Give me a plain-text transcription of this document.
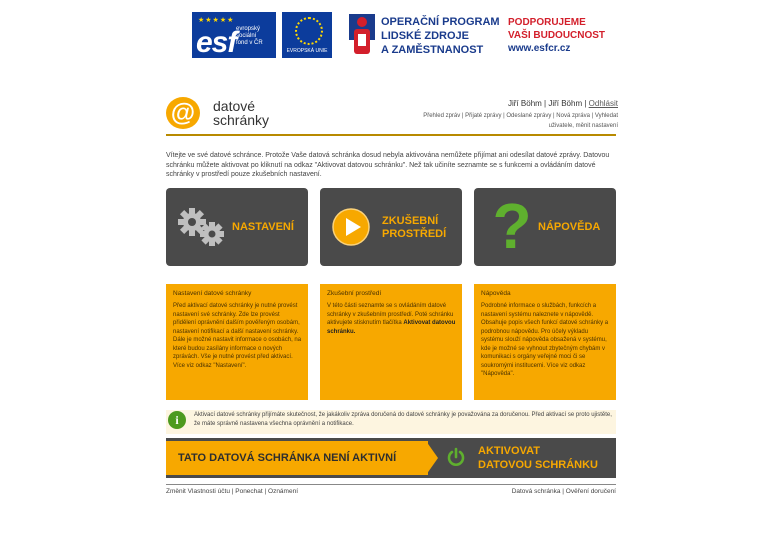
★★★★★
esf evropský
sociální
fond v ČR
EVROPSKÁ UNIE
OPERAČNÍ PROGRAM
LIDSKÉ ZDROJE
A ZAMĚSTNANOST
PODPORUJEME
VAŠI BUDOUCNOST
www.esfcr.cz
@	datové
schránky
Jiří Böhm | Jiří Böhm | Odhlásit
Přehled zpráv | Přijaté zprávy | Odeslané zprávy | Nová zpráva | Vyhledat
uživatele, měnit nastavení
Vítejte ve své datové schránce. Protože Vaše datová schránka dosud nebyla aktivována nemůžete přijímat ani odesílat datové zprávy. Datovou schránku můžete aktivovat po kliknutí na odkaz "Aktivovat datovou schránku". Než tak učiníte seznamte se s funkcemi a ovládáním datové schránky v prostředí pouze zkušebních nastavení.
NASTAVENÍ	ZKUŠEBNÍ
PROSTŘEDÍ ? NÁPOVĚDA
Nastavení datové schránky
Před aktivací datové schránky je nutné provést nastavení své schránky. Zde lze provést přidělení oprávnění dalším pověřeným osobám, nastavení notifikací a další nastavení schránky. Dále je možné nastavit informace o osobách, na které budou zasílány informace o nových zprávách. Vše je nutné provést před aktivací. Více viz odkaz "Nastavení".
Zkušební prostředí
V této části seznamte se s ovládáním datové schránky v zkušebním prostředí. Poté schránku aktivujete stisknutím tlačítka Aktivovat datovou schránku.
Nápověda
Podrobné informace o službách, funkcích a nastavení systému naleznete v nápovědě. Obsahuje popis všech funkcí datové schránky a podrobnou nápovědu. Pro účely výkladu systému slouží nápověda obsažená v systému, kde je možné se vyhnout zbytečným chybám v komunikaci s orgány veřejné moci či se soukromými institucemi. Více viz odkaz "Nápověda".
i	Aktivací datové schránky přijímáte skutečnost, že jakákoliv zpráva doručená do datové schránky je považována za doručenou. Před aktivací se proto ujistěte, že máte správně nastavena všechna oprávnění a notifikace.
TATO DATOVÁ SCHRÁNKA NENÍ AKTIVNÍ
AKTIVOVAT
DATOVOU SCHRÁNKU
Změnit Vlastnosti účtu | Ponechat | Oznámení	Datová schránka | Ověření doručení
